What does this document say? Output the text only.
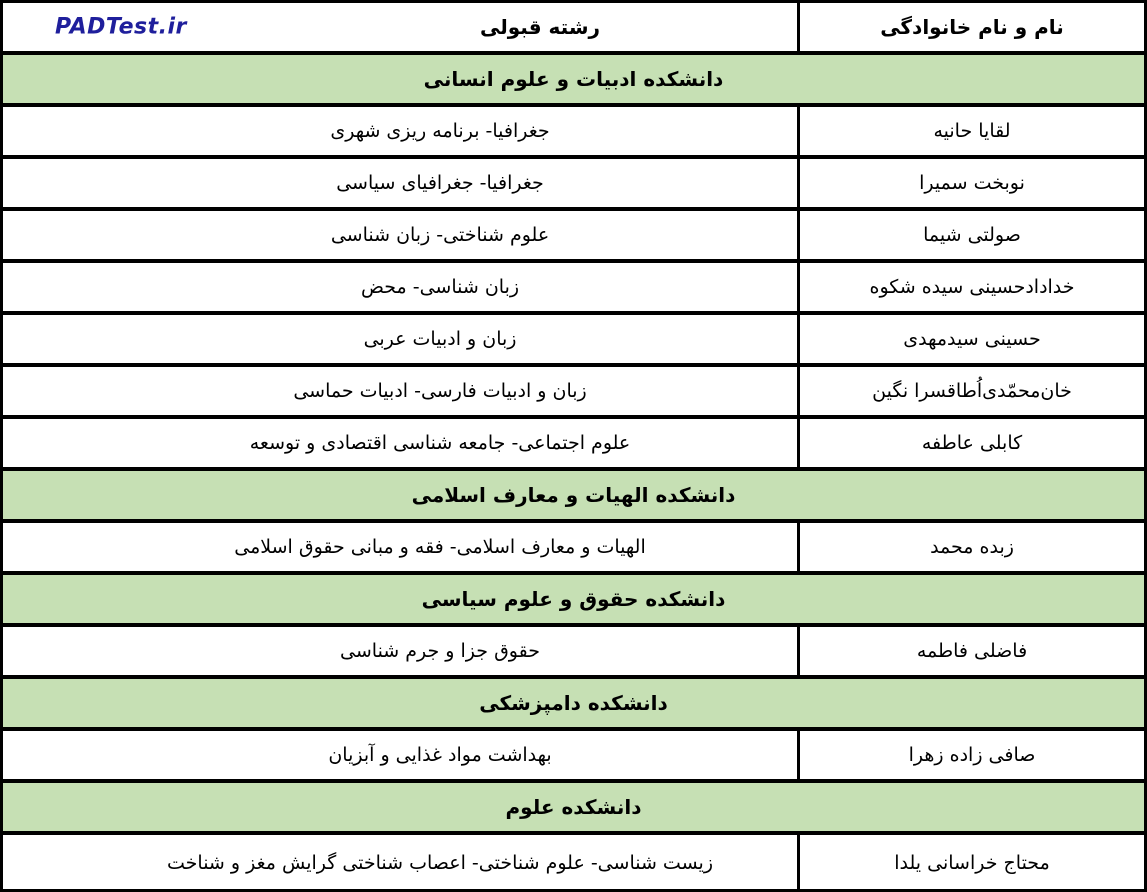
نام و نام خانوادگی
رشته قبولی
PADTest.ir
دانشکده ادبیات و علوم انسانی
لقایا حانیه
جغرافیا- برنامه ریزی شهری
نوبخت سمیرا
جغرافیا- جغرافیای سیاسی
صولتی شیما
علوم شناختی- زبان شناسی
خدادادحسینی سیده شکوه
زبان شناسی- محض
حسینی سیدمهدی
زبان و ادبیات عربی
خان‌محمّدی‌اُطاقسرا نگین
زبان و ادبیات فارسی- ادبیات حماسی
کابلی عاطفه
علوم اجتماعی- جامعه شناسی اقتصادی و توسعه
دانشکده الهیات و معارف اسلامی
زبده محمد
الهیات و معارف اسلامی- فقه و مبانی حقوق اسلامی
دانشکده حقوق و علوم سیاسی
فاضلی فاطمه
حقوق جزا و جرم شناسی
دانشکده دامپزشکی
صافی زاده زهرا
بهداشت مواد غذایی و آبزیان
دانشکده علوم
محتاج خراسانی یلدا
زیست شناسی- علوم شناختی- اعصاب شناختی گرایش مغز و شناخت
